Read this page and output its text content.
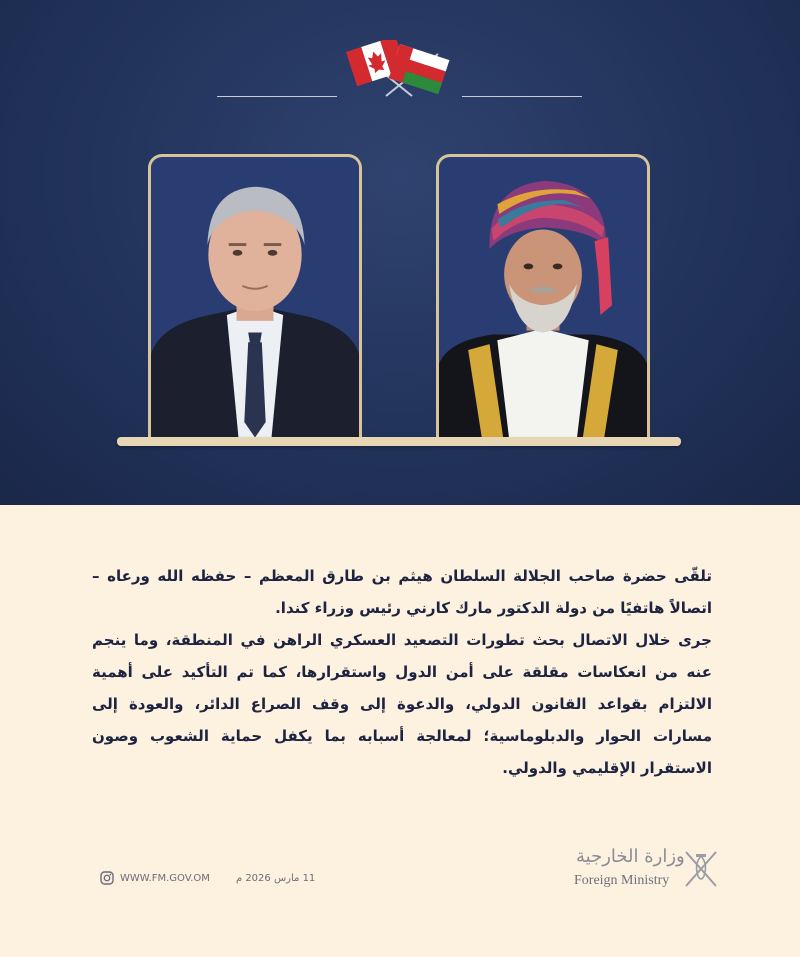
تلقّى حضرة صاحب الجلالة السلطان هيثم بن طارق المعظم – حفظه الله ورعاه – اتصالاً هاتفيًا من دولة الدكتور مارك كارني رئيس وزراء كندا.

جرى خلال الاتصال بحث تطورات التصعيد العسكري الراهن في المنطقة، وما ينجم عنه من انعكاسات مقلقة على أمن الدول واستقرارها، كما تم التأكيد على أهمية الالتزام بقواعد القانون الدولي، والدعوة إلى وقف الصراع الدائر، والعودة إلى مسارات الحوار والدبلوماسية؛ لمعالجة أسبابه بما يكفل حماية الشعوب وصون الاستقرار الإقليمي والدولي.

WWW.FM.GOV.OM	11 مارس 2026 م
وزارة الخارجية
Foreign Ministry
